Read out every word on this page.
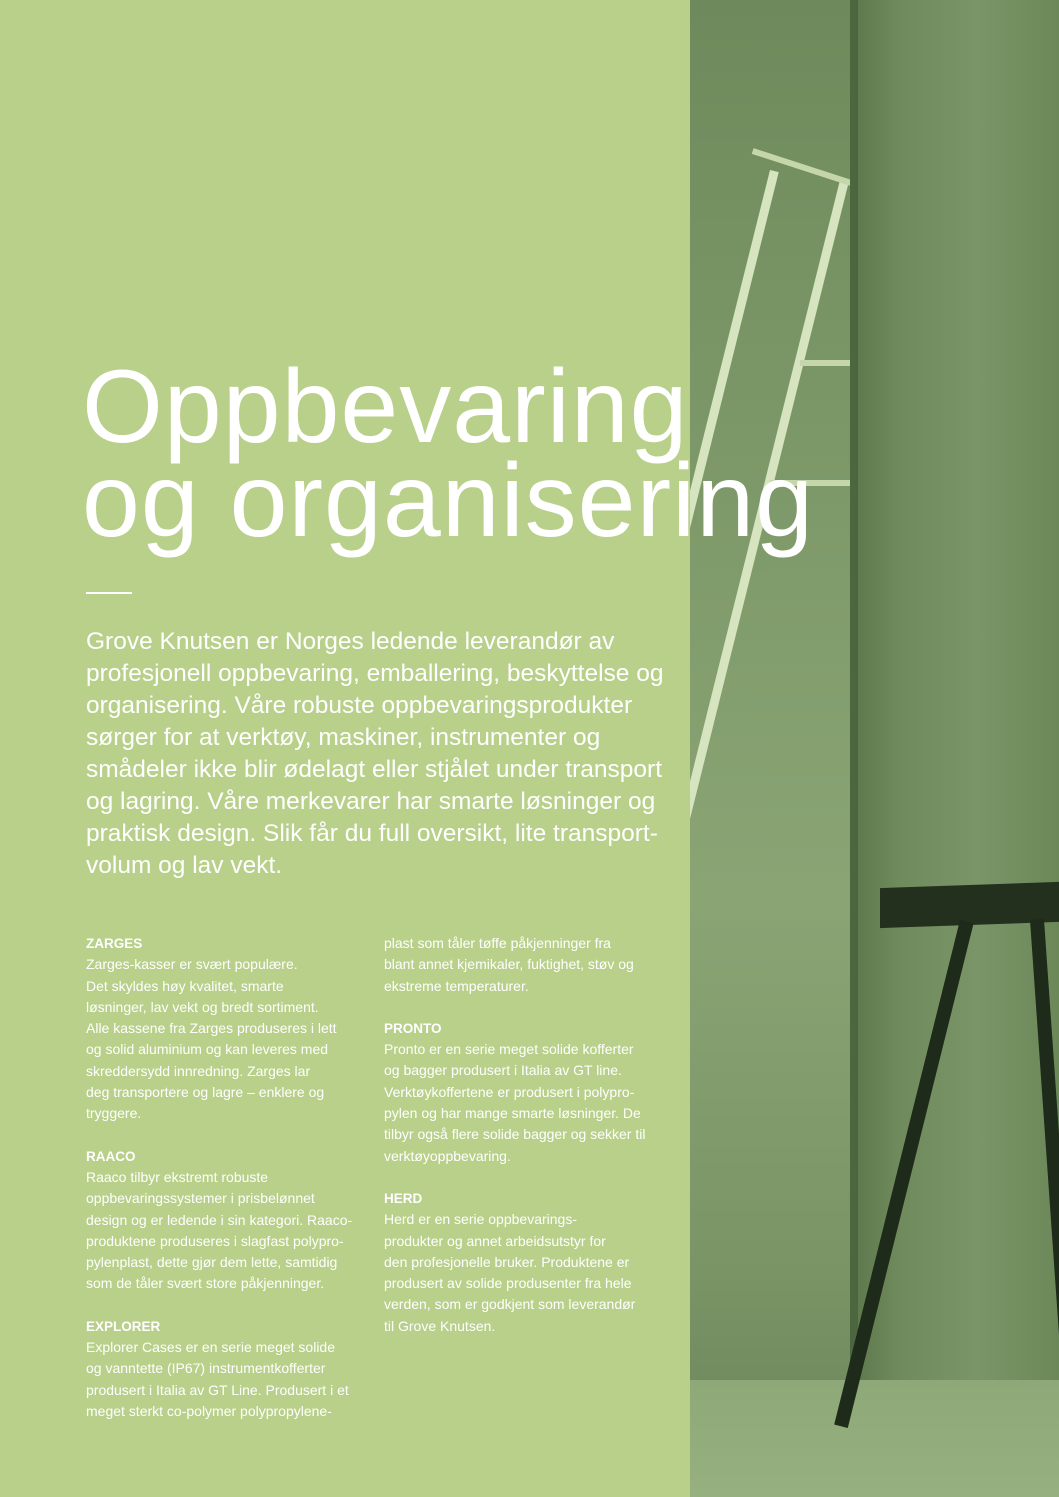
Oppbevaring
og organisering
Grove Knutsen er Norges ledende leverandør av
profesjonell oppbevaring, emballering, beskyttelse og
organisering. Våre robuste oppbevaringsprodukter
sørger for at verktøy, maskiner, instrumenter og
smådeler ikke blir ødelagt eller stjålet under transport
og lagring. Våre merkevarer har smarte løsninger og
praktisk design. Slik får du full oversikt, lite transport-
volum og lav vekt.
ZARGES
Zarges-kasser er svært populære.
Det skyldes høy kvalitet, smarte
løsninger, lav vekt og bredt sortiment.
Alle kassene fra Zarges produseres i lett
og solid aluminium og kan leveres med
skreddersydd innredning. Zarges lar
deg transportere og lagre – enklere og
tryggere.
RAACO
Raaco tilbyr ekstremt robuste
oppbevaringssystemer i prisbelønnet
design og er ledende i sin kategori. Raaco-
produktene produseres i slagfast polypro-
pylenplast, dette gjør dem lette, samtidig
som de tåler svært store påkjenninger.
EXPLORER
Explorer Cases er en serie meget solide
og vanntette (IP67) instrumentkofferter
produsert i Italia av GT Line. Produsert i et
meget sterkt co-polymer polypropylene-
plast som tåler tøffe påkjenninger fra
blant annet kjemikaler, fuktighet, støv og
ekstreme temperaturer.
PRONTO
Pronto er en serie meget solide kofferter
og bagger produsert i Italia av GT line.
Verktøykoffertene er produsert i polypro-
pylen og har mange smarte løsninger. De
tilbyr også flere solide bagger og sekker til
verktøyoppbevaring.
HERD
Herd er en serie oppbevarings-
produkter og annet arbeidsutstyr for
den profesjonelle bruker. Produktene er
produsert av solide produsenter fra hele
verden, som er godkjent som leverandør
til Grove Knutsen.
